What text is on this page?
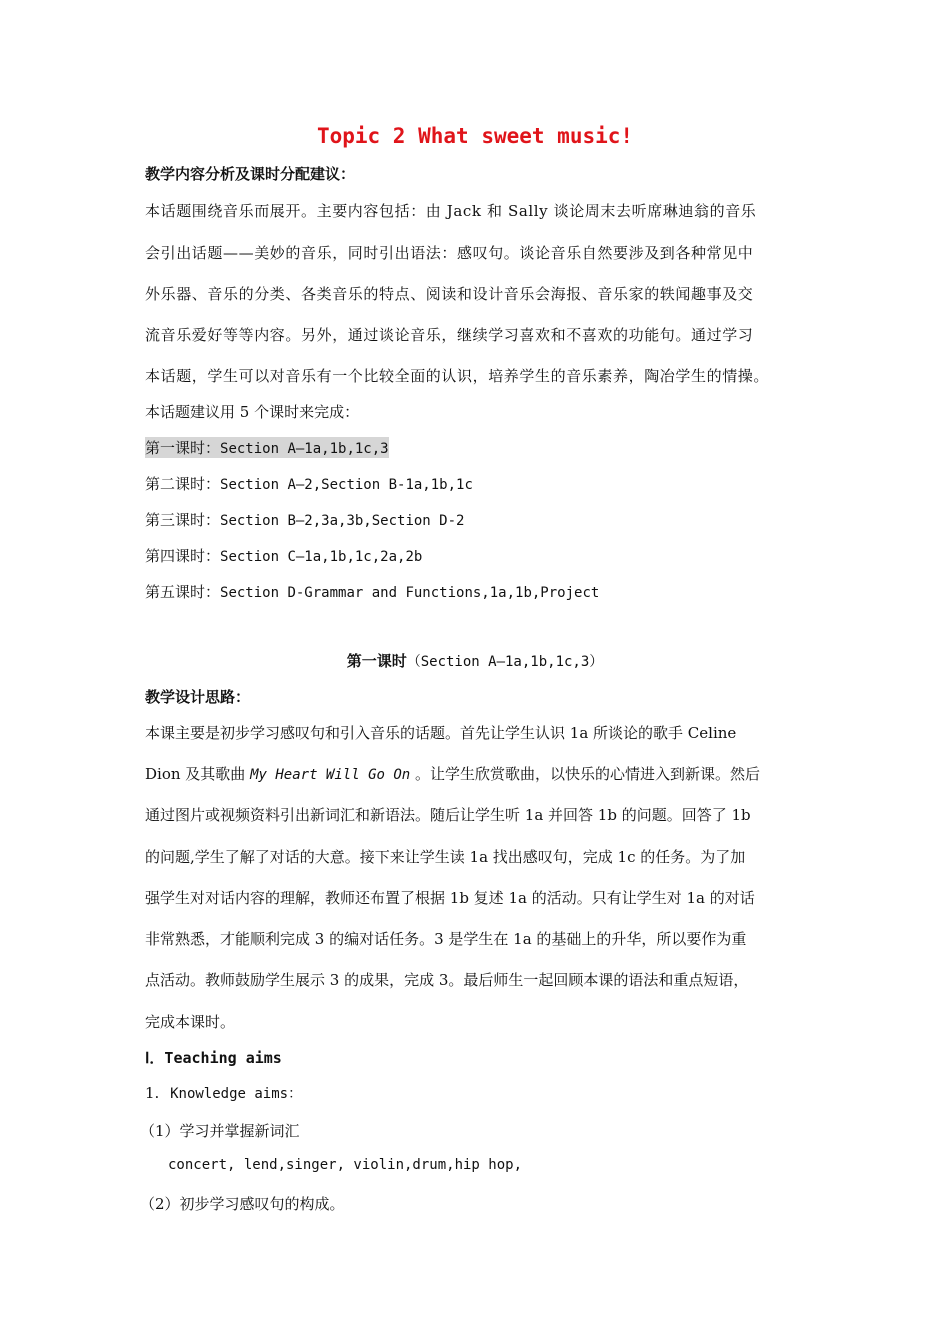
Topic 2 What sweet music!
教学内容分析及课时分配建议：
本话题围绕音乐而展开。主要内容包括：由 Jack 和 Sally 谈论周末去听席琳迪翁的音乐
会引出话题——美妙的音乐，同时引出语法：感叹句。谈论音乐自然要涉及到各种常见中
外乐器、音乐的分类、各类音乐的特点、阅读和设计音乐会海报、音乐家的轶闻趣事及交
流音乐爱好等等内容。另外，通过谈论音乐，继续学习喜欢和不喜欢的功能句。通过学习
本话题，学生可以对音乐有一个比较全面的认识，培养学生的音乐素养，陶冶学生的情操。
本话题建议用 5 个课时来完成：
第一课时：Section A—1a,1b,1c,3
第二课时：Section A—2,Section B-1a,1b,1c
第三课时：Section B—2,3a,3b,Section D-2
第四课时：Section C—1a,1b,1c,2a,2b
第五课时：Section D-Grammar and Functions,1a,1b,Project
第一课时（Section A—1a,1b,1c,3）
教学设计思路：
本课主要是初步学习感叹句和引入音乐的话题。首先让学生认识 1a 所谈论的歌手 Celine
Dion 及其歌曲 My Heart Will Go On 。让学生欣赏歌曲，以快乐的心情进入到新课。然后
通过图片或视频资料引出新词汇和新语法。随后让学生听 1a 并回答 1b 的问题。回答了 1b
的问题,学生了解了对话的大意。接下来让学生读 1a 找出感叹句，完成 1c 的任务。为了加
强学生对对话内容的理解，教师还布置了根据 1b 复述 1a 的活动。只有让学生对 1a 的对话
非常熟悉，才能顺利完成 3 的编对话任务。3 是学生在 1a 的基础上的升华，所以要作为重
点活动。教师鼓励学生展示 3 的成果，完成 3。最后师生一起回顾本课的语法和重点短语，
完成本课时。
Ⅰ．Teaching aims
1. Knowledge aims：
（1）学习并掌握新词汇
concert, lend,singer, violin,drum,hip hop,
（2）初步学习感叹句的构成。
